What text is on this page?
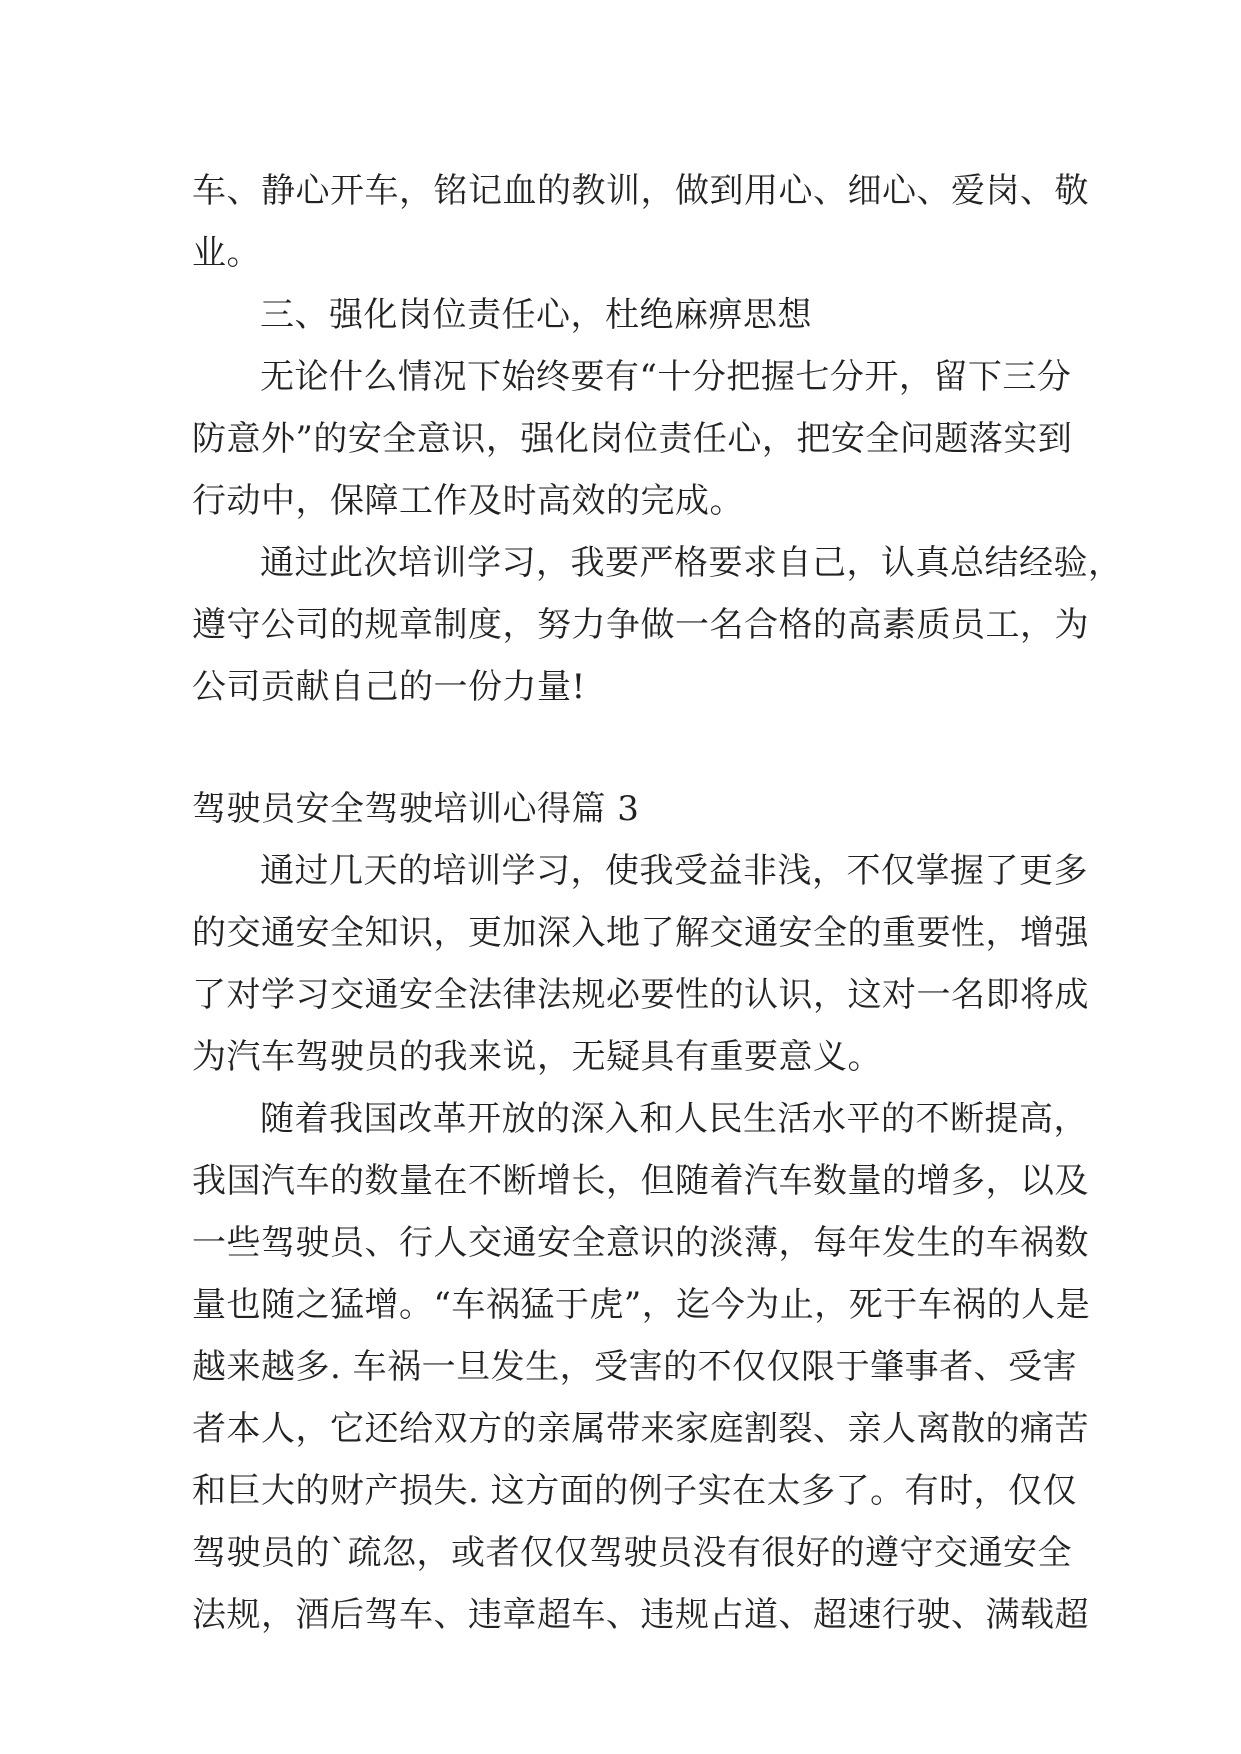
车、静心开车，铭记血的教训，做到用心、细心、爱岗、敬
业。
三、强化岗位责任心，杜绝麻痹思想
无论什么情况下始终要有“十分把握七分开，留下三分
防意外”的安全意识，强化岗位责任心，把安全问题落实到
行动中，保障工作及时高效的完成。
通过此次培训学习，我要严格要求自己，认真总结经验，
遵守公司的规章制度，努力争做一名合格的高素质员工，为
公司贡献自己的一份力量!
驾驶员安全驾驶培训心得篇 3
通过几天的培训学习，使我受益非浅，不仅掌握了更多
的交通安全知识，更加深入地了解交通安全的重要性，增强
了对学习交通安全法律法规必要性的认识，这对一名即将成
为汽车驾驶员的我来说，无疑具有重要意义。
随着我国改革开放的深入和人民生活水平的不断提高，
我国汽车的数量在不断增长，但随着汽车数量的增多，以及
一些驾驶员、行人交通安全意识的淡薄，每年发生的车祸数
量也随之猛增。“车祸猛于虎”，迄今为止，死于车祸的人是
越来越多. 车祸一旦发生，受害的不仅仅限于肇事者、受害
者本人，它还给双方的亲属带来家庭割裂、亲人离散的痛苦
和巨大的财产损失. 这方面的例子实在太多了。有时，仅仅
驾驶员的`疏忽，或者仅仅驾驶员没有很好的遵守交通安全
法规，酒后驾车、违章超车、违规占道、超速行驶、满载超
